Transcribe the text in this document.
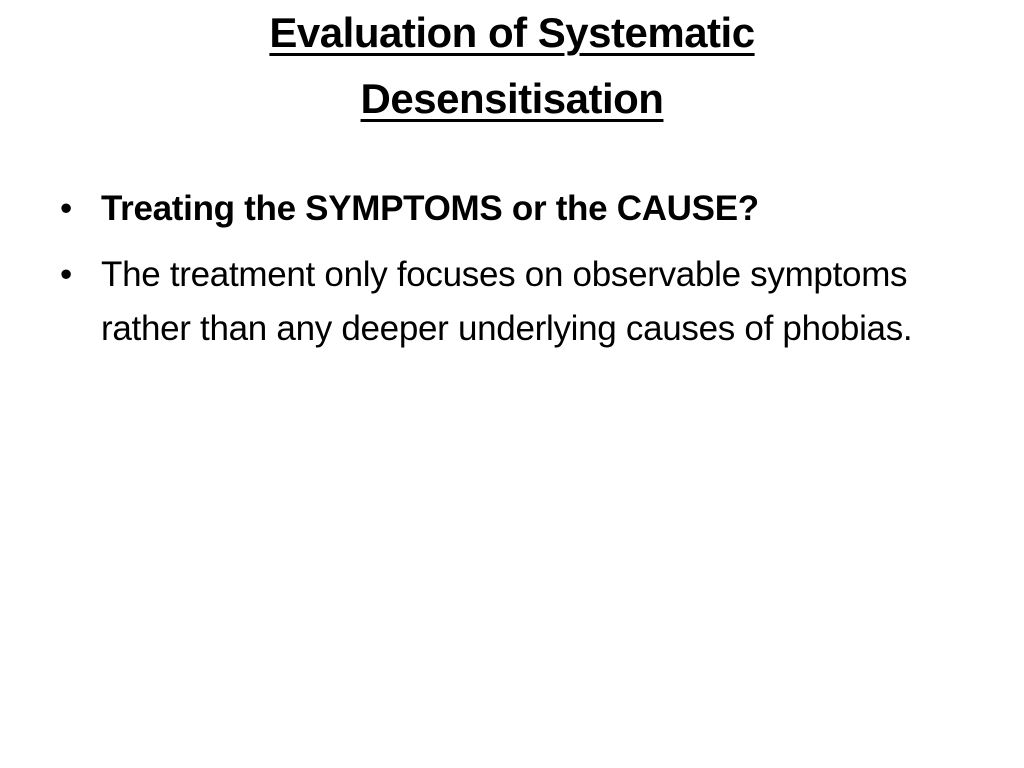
Evaluation of Systematic
Desensitisation
• Treating the SYMPTOMS or the CAUSE?
• The treatment only focuses on observable symptoms rather than any deeper underlying causes of phobias.
